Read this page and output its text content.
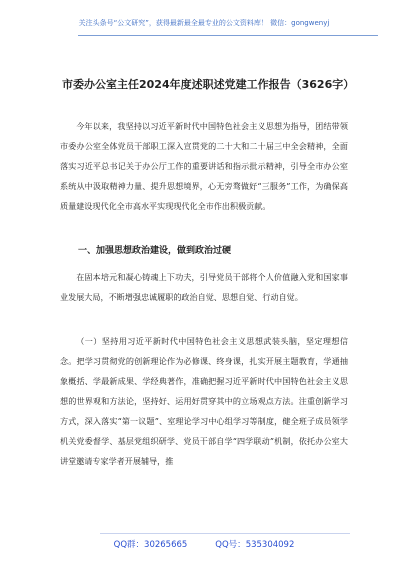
关注头条号“公文研究”，获得最新最全最专业的公文资料库！ 微信：gongwenyj
市委办公室主任2024年度述职述党建工作报告（3626字）
今年以来，我坚持以习近平新时代中国特色社会主义思想为指导，团结带领市委办公室全体党员干部职工深入宣贯党的二十大和二十届三中全会精神，全面落实习近平总书记关于办公厅工作的重要讲话和指示批示精神，引导全市办公室系统从中汲取精神力量、提升思想境界，心无旁骛做好“三服务”工作，为确保高质量建设现代化全市高水平实现现代化全市作出积极贡献。
一、加强思想政治建设，做到政治过硬
在固本培元和凝心铸魂上下功夫，引导党员干部将个人价值融入党和国家事业发展大局，不断增强忠诚履职的政治自觉、思想自觉、行动自觉。
（一）坚持用习近平新时代中国特色社会主义思想武装头脑，坚定理想信念。把学习贯彻党的创新理论作为必修课、终身课，扎实开展主题教育，学通抽象概括、学最新成果、学经典著作，准确把握习近平新时代中国特色社会主义思想的世界观和方法论，坚持好、运用好贯穿其中的立场观点方法。注重创新学习方式，深入落实“第一议题”、室理论学习中心组学习等制度，健全班子成员领学机关党委督学、基层党组织研学、党员干部自学“四学联动”机制，依托办公室大讲堂邀请专家学者开展辅导，推
QQ群：30265665	QQ号：535304092
